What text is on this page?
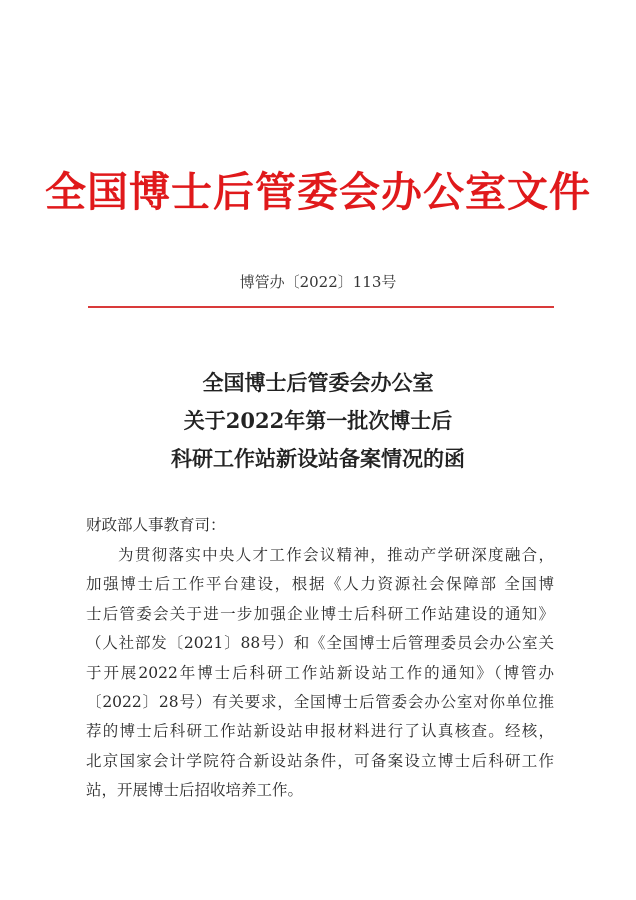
全国博士后管委会办公室文件
博管办〔2022〕113号
全国博士后管委会办公室
关于2022年第一批次博士后
科研工作站新设站备案情况的函
财政部人事教育司：
为贯彻落实中央人才工作会议精神，推动产学研深度融合，
加强博士后工作平台建设，根据《人力资源社会保障部 全国博
士后管委会关于进一步加强企业博士后科研工作站建设的通知》
（人社部发〔2021〕88号）和《全国博士后管理委员会办公室关
于开展2022年博士后科研工作站新设站工作的通知》（博管办
〔2022〕28号）有关要求，全国博士后管委会办公室对你单位推
荐的博士后科研工作站新设站申报材料进行了认真核查。经核，
北京国家会计学院符合新设站条件，可备案设立博士后科研工作
站，开展博士后招收培养工作。
